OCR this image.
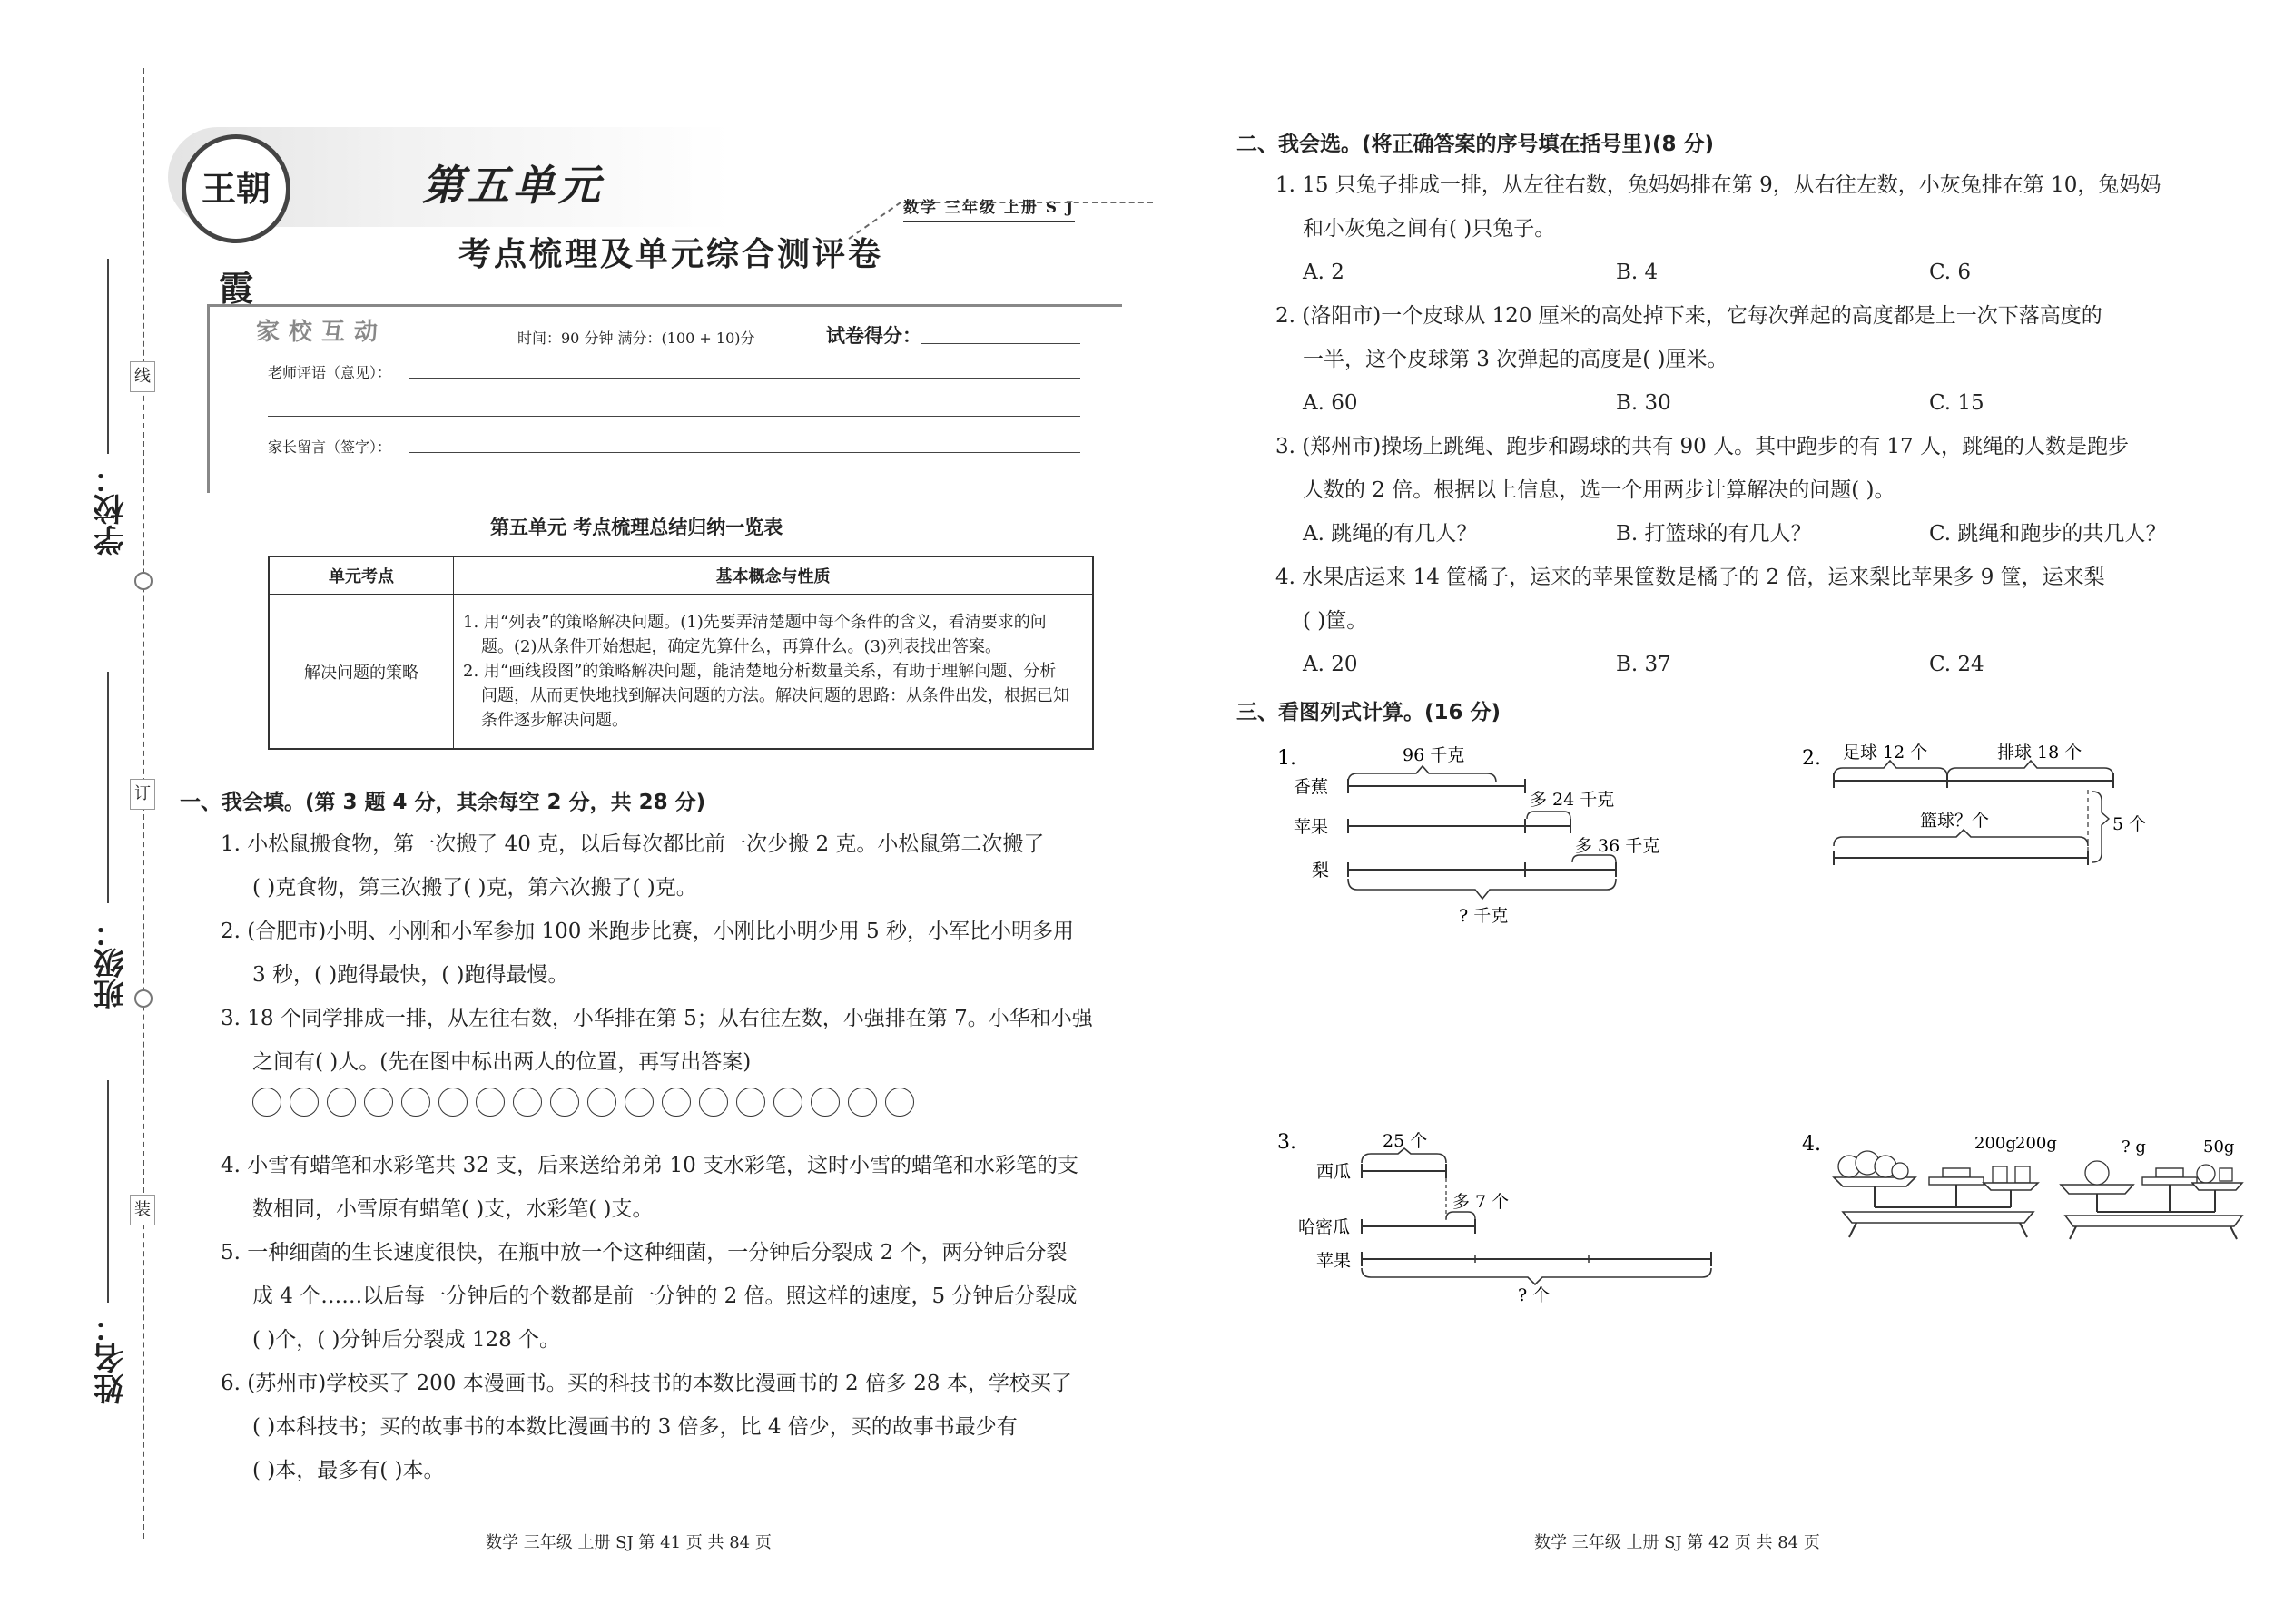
学校：
班级：
姓名：
线
订
装
王朝霞
第五单元	数学 三年级 上册 S J
考点梳理及单元综合测评卷
家校互动	时间：90 分钟 满分：(100 + 10)分	试卷得分：
老师评语（意见）：
家长留言（签字）：
第五单元 考点梳理总结归纳一览表
单元考点	基本概念与性质
解决问题的策略	1. 用“列表”的策略解决问题。(1)先要弄清楚题中每个条件的含义，看清要求的问
题。(2)从条件开始想起，确定先算什么，再算什么。(3)列表找出答案。
2. 用“画线段图”的策略解决问题，能清楚地分析数量关系，有助于理解问题、分析
问题，从而更快地找到解决问题的方法。解决问题的思路：从条件出发，根据已知
条件逐步解决问题。
一、我会填。(第 3 题 4 分，其余每空 2 分，共 28 分)
1. 小松鼠搬食物，第一次搬了 40 克，以后每次都比前一次少搬 2 克。小松鼠第二次搬了
( )克食物，第三次搬了( )克，第六次搬了( )克。
2. (合肥市)小明、小刚和小军参加 100 米跑步比赛，小刚比小明少用 5 秒，小军比小明多用
3 秒，( )跑得最快，( )跑得最慢。
3. 18 个同学排成一排，从左往右数，小华排在第 5；从右往左数，小强排在第 7。小华和小强
之间有( )人。(先在图中标出两人的位置，再写出答案)
4. 小雪有蜡笔和水彩笔共 32 支，后来送给弟弟 10 支水彩笔，这时小雪的蜡笔和水彩笔的支
数相同，小雪原有蜡笔( )支，水彩笔( )支。
5. 一种细菌的生长速度很快，在瓶中放一个这种细菌，一分钟后分裂成 2 个，两分钟后分裂
成 4 个……以后每一分钟后的个数都是前一分钟的 2 倍。照这样的速度，5 分钟后分裂成
( )个，( )分钟后分裂成 128 个。
6. (苏州市)学校买了 200 本漫画书。买的科技书的本数比漫画书的 2 倍多 28 本，学校买了
( )本科技书；买的故事书的本数比漫画书的 3 倍多，比 4 倍少，买的故事书最少有
( )本，最多有( )本。
数学 三年级 上册 SJ 第 41 页 共 84 页
二、我会选。(将正确答案的序号填在括号里)(8 分)
1. 15 只兔子排成一排，从左往右数，兔妈妈排在第 9，从右往左数，小灰兔排在第 10，兔妈妈
和小灰兔之间有( )只兔子。
A. 2	B. 4	C. 6
2. (洛阳市)一个皮球从 120 厘米的高处掉下来，它每次弹起的高度都是上一次下落高度的
一半，这个皮球第 3 次弹起的高度是( )厘米。
A. 60	B. 30	C. 15
3. (郑州市)操场上跳绳、跑步和踢球的共有 90 人。其中跑步的有 17 人，跳绳的人数是跑步
人数的 2 倍。根据以上信息，选一个用两步计算解决的问题( )。
A. 跳绳的有几人？	B. 打篮球的有几人？	C. 跳绳和跑步的共几人？
4. 水果店运来 14 筐橘子，运来的苹果筐数是橘子的 2 倍，运来梨比苹果多 9 筐，运来梨
( )筐。
A. 20	B. 37	C. 24
三、看图列式计算。(16 分)
1.	96 千克
香蕉
多 24 千克
苹果
多 36 千克
梨
? 千克
2. 足球 12 个	排球 18 个
5 个
篮球？个
3.	25 个
西瓜
多 7 个
哈密瓜
苹果
? 个
4.	200g 200g	? g	50g
数学 三年级 上册 SJ 第 42 页 共 84 页
